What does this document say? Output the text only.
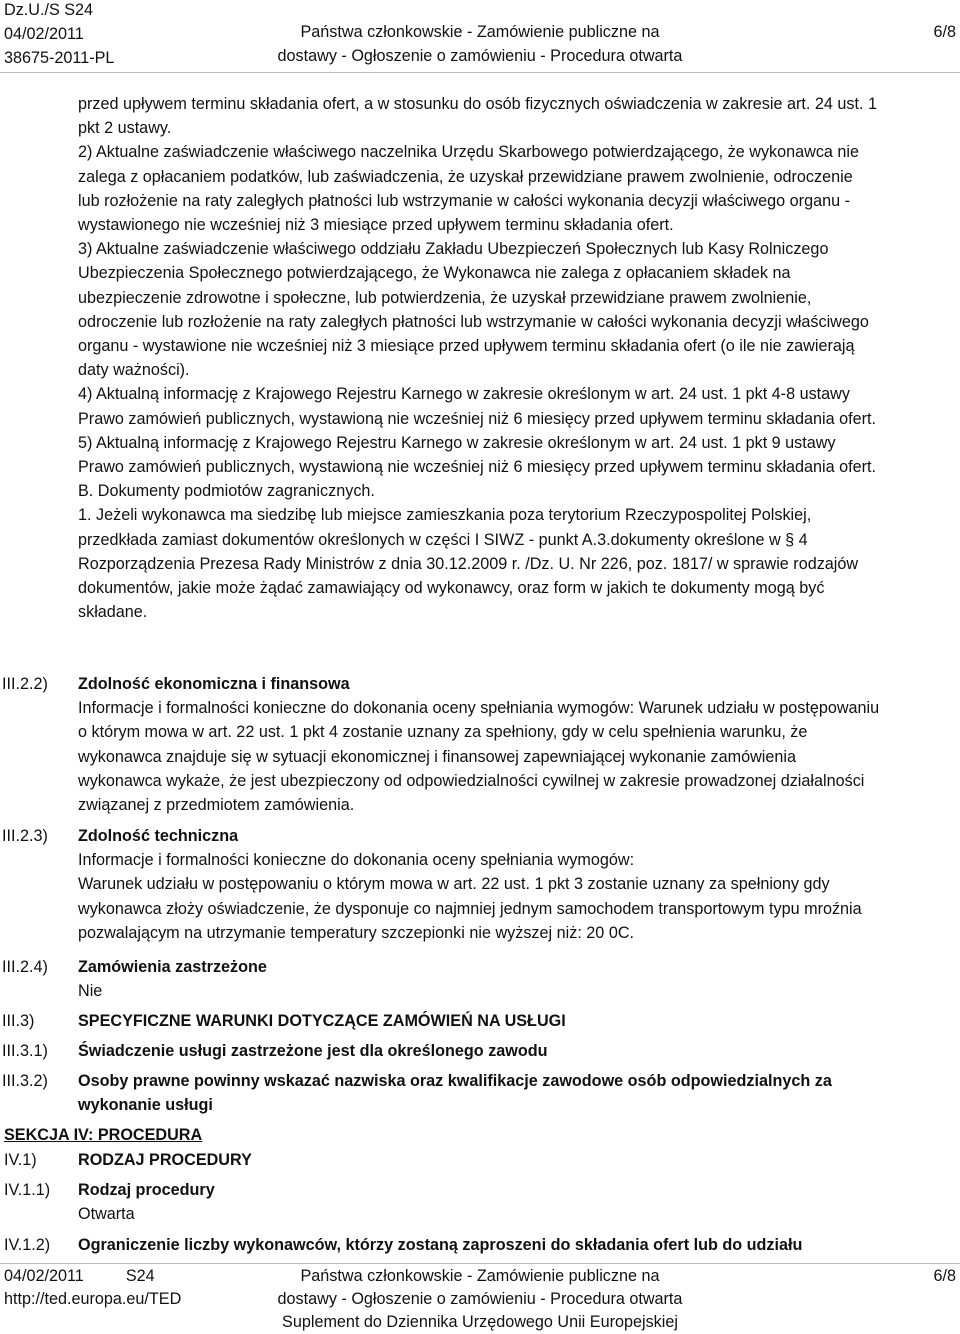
Dz.U./S S24
04/02/2011
38675-2011-PL
Państwa członkowskie - Zamówienie publiczne na
dostawy - Ogłoszenie o zamówieniu - Procedura otwarta
6/8
przed upływem terminu składania ofert, a w stosunku do osób fizycznych oświadczenia w zakresie art. 24 ust. 1
pkt 2 ustawy.
2) Aktualne zaświadczenie właściwego naczelnika Urzędu Skarbowego potwierdzającego, że wykonawca nie
zalega z opłacaniem podatków, lub zaświadczenia, że uzyskał przewidziane prawem zwolnienie, odroczenie
lub rozłożenie na raty zaległych płatności lub wstrzymanie w całości wykonania decyzji właściwego organu -
wystawionego nie wcześniej niż 3 miesiące przed upływem terminu składania ofert.
3) Aktualne zaświadczenie właściwego oddziału Zakładu Ubezpieczeń Społecznych lub Kasy Rolniczego
Ubezpieczenia Społecznego potwierdzającego, że Wykonawca nie zalega z opłacaniem składek na
ubezpieczenie zdrowotne i społeczne, lub potwierdzenia, że uzyskał przewidziane prawem zwolnienie,
odroczenie lub rozłożenie na raty zaległych płatności lub wstrzymanie w całości wykonania decyzji właściwego
organu - wystawione nie wcześniej niż 3 miesiące przed upływem terminu składania ofert (o ile nie zawierają
daty ważności).
4) Aktualną informację z Krajowego Rejestru Karnego w zakresie określonym w art. 24 ust. 1 pkt 4-8 ustawy
Prawo zamówień publicznych, wystawioną nie wcześniej niż 6 miesięcy przed upływem terminu składania ofert.
5) Aktualną informację z Krajowego Rejestru Karnego w zakresie określonym w art. 24 ust. 1 pkt 9 ustawy
Prawo zamówień publicznych, wystawioną nie wcześniej niż 6 miesięcy przed upływem terminu składania ofert.
B. Dokumenty podmiotów zagranicznych.
1. Jeżeli wykonawca ma siedzibę lub miejsce zamieszkania poza terytorium Rzeczypospolitej Polskiej,
przedkłada zamiast dokumentów określonych w części I SIWZ - punkt A.3.dokumenty określone w § 4
Rozporządzenia Prezesa Rady Ministrów z dnia 30.12.2009 r. /Dz. U. Nr 226, poz. 1817/ w sprawie rodzajów
dokumentów, jakie może żądać zamawiający od wykonawcy, oraz form w jakich te dokumenty mogą być
składane.
III.2.2) Zdolność ekonomiczna i finansowa
Informacje i formalności konieczne do dokonania oceny spełniania wymogów: Warunek udziału w postępowaniu
o którym mowa w art. 22 ust. 1 pkt 4 zostanie uznany za spełniony, gdy w celu spełnienia warunku, że
wykonawca znajduje się w sytuacji ekonomicznej i finansowej zapewniającej wykonanie zamówienia
wykonawca wykaże, że jest ubezpieczony od odpowiedzialności cywilnej w zakresie prowadzonej działalności
związanej z przedmiotem zamówienia.
III.2.3) Zdolność techniczna
Informacje i formalności konieczne do dokonania oceny spełniania wymogów:
Warunek udziału w postępowaniu o którym mowa w art. 22 ust. 1 pkt 3 zostanie uznany za spełniony gdy
wykonawca złoży oświadczenie, że dysponuje co najmniej jednym samochodem transportowym typu mroźnia
pozwalającym na utrzymanie temperatury szczepionki nie wyższej niż: 20 0C.
III.2.4) Zamówienia zastrzeżone
Nie
III.3)	SPECYFICZNE WARUNKI DOTYCZĄCE ZAMÓWIEŃ NA USŁUGI
III.3.1) Świadczenie usługi zastrzeżone jest dla określonego zawodu
III.3.2) Osoby prawne powinny wskazać nazwiska oraz kwalifikacje zawodowe osób odpowiedzialnych za
wykonanie usługi
SEKCJA IV: PROCEDURA
IV.1)	RODZAJ PROCEDURY
IV.1.1) Rodzaj procedury
Otwarta
IV.1.2) Ograniczenie liczby wykonawców, którzy zostaną zaproszeni do składania ofert lub do udziału
04/02/2011	S24
http://ted.europa.eu/TED
Państwa członkowskie - Zamówienie publiczne na
dostawy - Ogłoszenie o zamówieniu - Procedura otwarta
Suplement do Dziennika Urzędowego Unii Europejskiej
6/8
